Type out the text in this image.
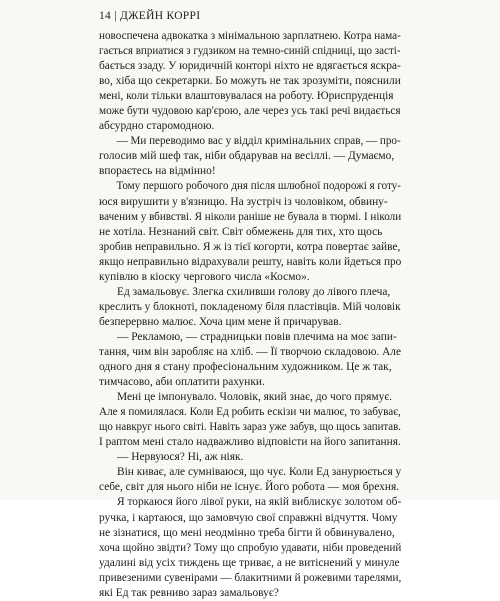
14 | ДЖЕЙН КОРРІ
новоспечена адвокатка з мінімальною зарплатнею. Котра нама-
гається вприатися з гудзиком на темно-синій спідниці, що засті-
бається ззаду. У юридичній конторі ніхто не вдягається яскра-
во, хіба що секретарки. Бо можуть не так зрозуміти, пояснили
мені, коли тільки влаштовувалася на роботу. Юриспруденція
може бути чудовою кар'єрою, але через усь такі речі видається
абсурдно старомодною.
— Ми переводимо вас у відділ кримінальних справ, — про-
голосив мій шеф так, ніби обдарував на весіллі. — Думаємо,
впораєтесь на відмінно!
Тому першого робочого дня після шлюбної подорожі я готу-
юся вирушити у в'язницю. На зустріч із чоловіком, обвину-
ваченим у вбивстві. Я ніколи раніше не бувала в тюрмі. І ніколи
не хотіла. Незнаний світ. Світ обмежень для тих, хто щось
зробив неправильно. Я ж із тієї когорти, котра повертає зайве,
якщо неправильно відрахували решту, навіть коли йдеться про
купівлю в кіоску чергового числа «Космо».
Ед замальовує. Злегка схиливши голову до лівого плеча,
креслить у блокноті, покладеному біля пластівців. Мій чоловік
безперервно малює. Хоча цим мене й причарував.
— Рекламою, — страдницьки повів плечима на моє запи-
тання, чим він заробляє на хліб. — Її творчою складовою. Але
одного дня я стану професіональним художником. Це ж так,
тимчасово, аби оплатити рахунки.
Мені це імпонувало. Чоловік, який знає, до чого прямує.
Але я помилялася. Коли Ед робить ескізи чи малює, то забуває,
що навкруг нього світі. Навіть зараз уже забув, що щось запитав.
І раптом мені стало надважливо відповісти на його запитання.
— Нервуюся? Ні, аж ніяк.
Він киває, але сумніваюся, що чує. Коли Ед занурюється у
себе, світ для нього ніби не існує. Його робота — моя брехня.
Я торкаюся його лівої руки, на якій виблискує золотом об-
ручка, і картаюся, що замовчую свої справжні відчуття. Чому
не зізнатися, що мені неодмінно треба бігти й обвинувалено,
хоча щойно звідти? Тому що спробую удавати, ніби проведений
удалині від усіх тиждень ще триває, а не витіснений у минуле
привезеними сувенірами — блакитними й рожевими тарелями,
які Ед так ревниво зараз замальовує?
